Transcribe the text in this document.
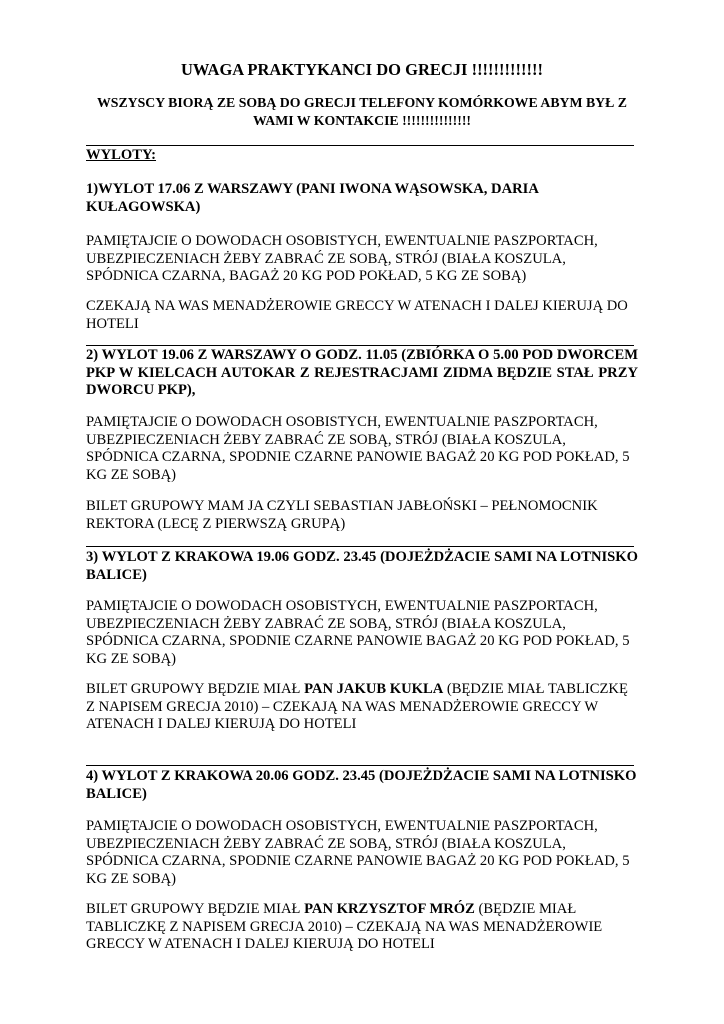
UWAGA PRAKTYKANCI DO GRECJI !!!!!!!!!!!!!

WSZYSCY BIORĄ ZE SOBĄ DO GRECJI TELEFONY KOMÓRKOWE ABYM BYŁ Z WAMI W KONTAKCIE !!!!!!!!!!!!!!!

WYLOTY:

1)WYLOT 17.06 Z WARSZAWY (PANI IWONA WĄSOWSKA, DARIA KUŁAGOWSKA)

PAMIĘTAJCIE O DOWODACH OSOBISTYCH, EWENTUALNIE PASZPORTACH, UBEZPIECZENIACH ŻEBY ZABRAĆ ZE SOBĄ, STRÓJ (BIAŁA KOSZULA, SPÓDNICA CZARNA, BAGAŻ 20 KG POD POKŁAD, 5 KG ZE SOBĄ)

CZEKAJĄ NA WAS MENADŻEROWIE GRECCY W ATENACH I DALEJ KIERUJĄ DO HOTELI

2) WYLOT 19.06 Z WARSZAWY O GODZ. 11.05 (ZBIÓRKA O 5.00 POD DWORCEM PKP W KIELCACH AUTOKAR Z REJESTRACJAMI ZIDMA BĘDZIE STAŁ PRZY DWORCU PKP),

PAMIĘTAJCIE O DOWODACH OSOBISTYCH, EWENTUALNIE PASZPORTACH, UBEZPIECZENIACH ŻEBY ZABRAĆ ZE SOBĄ, STRÓJ (BIAŁA KOSZULA, SPÓDNICA CZARNA, SPODNIE CZARNE PANOWIE BAGAŻ 20 KG POD POKŁAD, 5 KG ZE SOBĄ)

BILET GRUPOWY MAM JA CZYLI SEBASTIAN JABŁOŃSKI – PEŁNOMOCNIK REKTORA (LECĘ Z PIERWSZĄ GRUPĄ)

3) WYLOT Z KRAKOWA 19.06 GODZ. 23.45 (DOJEŻDŻACIE SAMI NA LOTNISKO BALICE)

PAMIĘTAJCIE O DOWODACH OSOBISTYCH, EWENTUALNIE PASZPORTACH, UBEZPIECZENIACH ŻEBY ZABRAĆ ZE SOBĄ, STRÓJ (BIAŁA KOSZULA, SPÓDNICA CZARNA, SPODNIE CZARNE PANOWIE BAGAŻ 20 KG POD POKŁAD, 5 KG ZE SOBĄ)

BILET GRUPOWY BĘDZIE MIAŁ PAN JAKUB KUKLA (BĘDZIE MIAŁ TABLICZKĘ Z NAPISEM GRECJA 2010) – CZEKAJĄ NA WAS MENADŻEROWIE GRECCY W ATENACH I DALEJ KIERUJĄ DO HOTELI

4) WYLOT Z KRAKOWA 20.06 GODZ. 23.45 (DOJEŻDŻACIE SAMI NA LOTNISKO BALICE)

PAMIĘTAJCIE O DOWODACH OSOBISTYCH, EWENTUALNIE PASZPORTACH, UBEZPIECZENIACH ŻEBY ZABRAĆ ZE SOBĄ, STRÓJ (BIAŁA KOSZULA, SPÓDNICA CZARNA, SPODNIE CZARNE PANOWIE BAGAŻ 20 KG POD POKŁAD, 5 KG ZE SOBĄ)

BILET GRUPOWY BĘDZIE MIAŁ PAN KRZYSZTOF MRÓZ (BĘDZIE MIAŁ TABLICZKĘ Z NAPISEM GRECJA 2010) – CZEKAJĄ NA WAS MENADŻEROWIE GRECCY W ATENACH I DALEJ KIERUJĄ DO HOTELI
